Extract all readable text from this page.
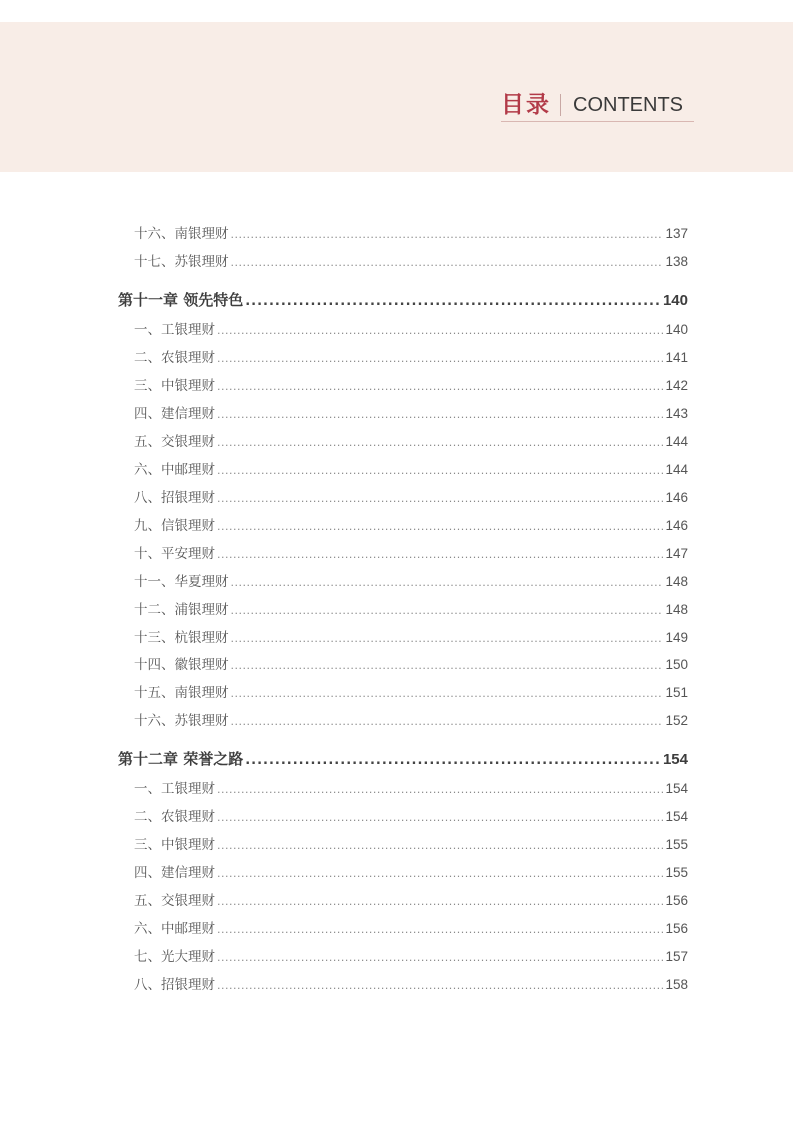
目录 CONTENTS
十六、南银理财 .....	137
十七、苏银理财 .....	138
第十一章 领先特色 .....	140
一、工银理财 .....	140
二、农银理财 .....	141
三、中银理财 .....	142
四、建信理财 .....	143
五、交银理财 .....	144
六、中邮理财 .....	144
八、招银理财 .....	146
九、信银理财 .....	146
十、平安理财 .....	147
十一、华夏理财 .....	148
十二、浦银理财 .....	148
十三、杭银理财 .....	149
十四、徽银理财 .....	150
十五、南银理财 .....	151
十六、苏银理财 .....	152
第十二章 荣誉之路 .....	154
一、工银理财 .....	154
二、农银理财 .....	154
三、中银理财 .....	155
四、建信理财 .....	155
五、交银理财 .....	156
六、中邮理财 .....	156
七、光大理财 .....	157
八、招银理财 .....	158
